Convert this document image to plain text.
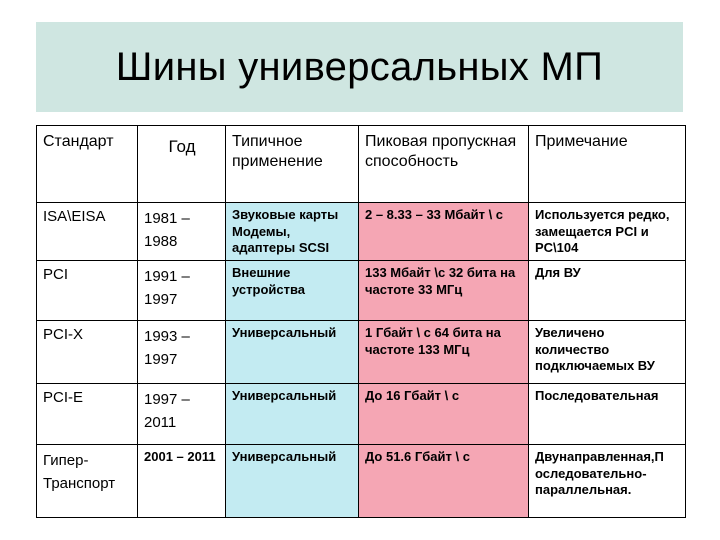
Шины универсальных МП
Стандарт	Год	Типичное применение	Пиковая пропускная способность	Примечание
ISA\EISA	1981 – 1988	Звуковые карты Модемы, адаптеры SCSI	2 – 8.33 – 33 Мбайт \ с	Используется редко, замещается PCI и PC\104
PCI	1991 – 1997	Внешние устройства	133 Мбайт \с 32 бита на частоте 33 МГц	Для ВУ
PCI-X	1993 – 1997	Универсальный	1 Гбайт \ с 64 бита на частоте 133 МГц	Увеличено количество подключаемых ВУ
PCI-E	1997 – 2011	Универсальный	До 16 Гбайт \ с	Последовательная
Гипер-Транспорт	2001 – 2011	Универсальный	До 51.6 Гбайт \ с	Двунаправленная,П оследовательно-параллельная.
